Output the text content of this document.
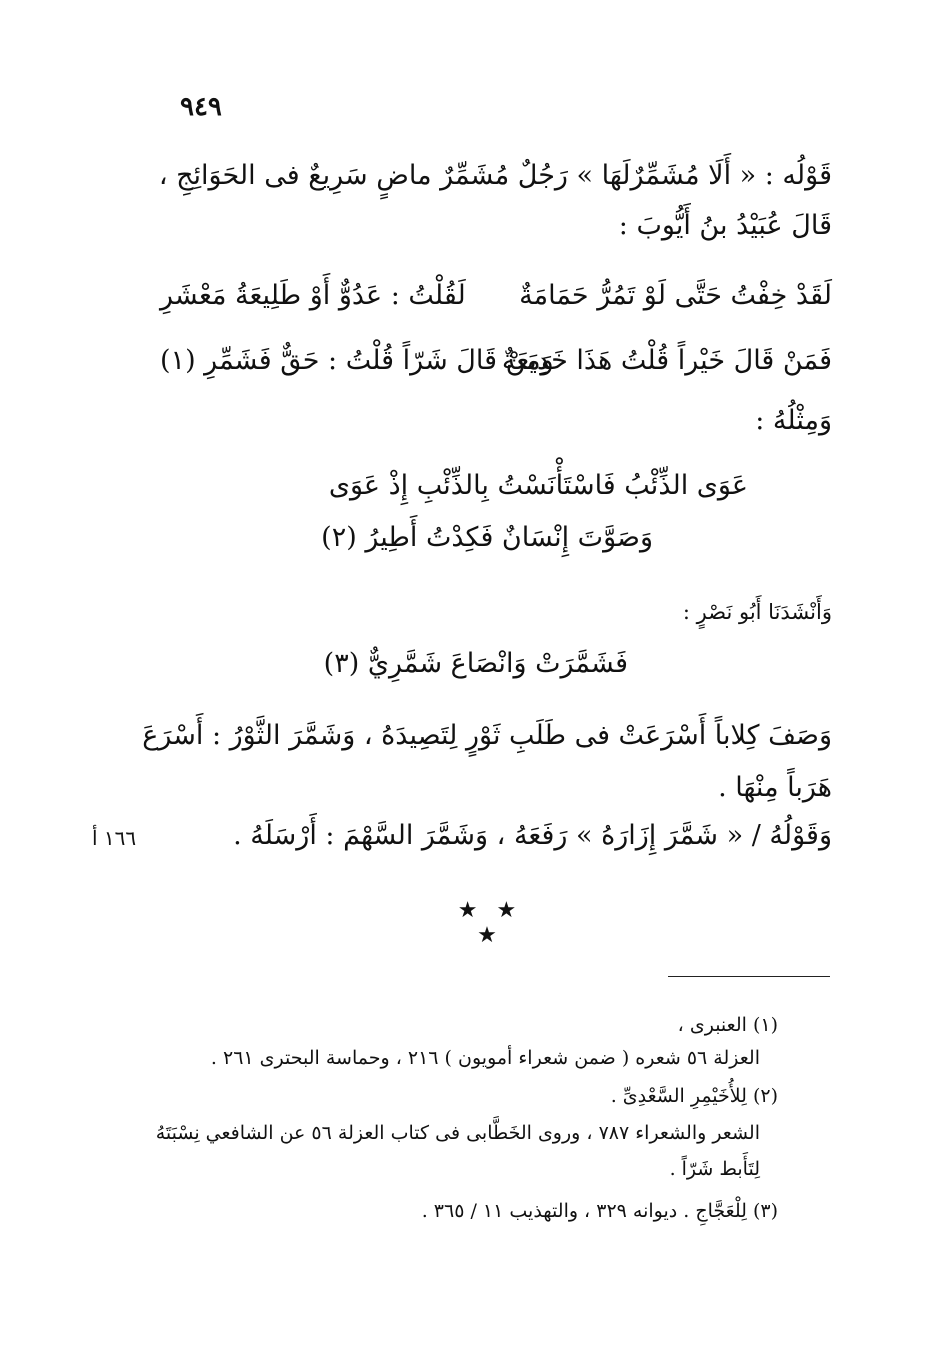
٩٤٩
قَوْلُه : « أَلَا مُشَمِّرٌلَهَا » رَجُلٌ مُشَمِّرٌ ماضٍ سَرِيعٌ فى الحَوَائِجِ ،
قَالَ عُبَيْدُ بنُ أَيُّوبَ :
لَقَدْ خِفْتُ حَتَّى لَوْ تَمُرُّ حَمَامَةٌ
لَقُلْتُ : عَدُوٌّ أَوْ طَلِيعَةُ مَعْشَرِ
فَمَنْ قَالَ خَيْراً قُلْتُ هَذَا خَدِيعَةٌ
وَمَنْ قَالَ شَرّاً قُلْتُ : حَقٌّ فَشَمِّرِ (١)
وَمِثْلُهُ :
عَوَى الذِّئْبُ فَاسْتَأْنَسْتُ بِالذِّئْبِ إِذْ عَوَى
وَصَوَّتَ إِنْسَانٌ فَكِدْتُ أَطِيرُ (٢)
وَأَنْشَدَنَا أَبُو نَصْرٍ :
فَشَمَّرَتْ وَانْصَاعَ شَمَّرِيٌّ (٣)
وَصَفَ كِلاباً أَسْرَعَتْ فى طَلَبِ ثَوْرٍ لِتَصِيدَهُ ، وَشَمَّرَ الثَّوْرُ : أَسْرَعَ
هَرَباً مِنْهَا .
وَقَوْلُهُ / « شَمَّرَ إِزَارَهُ » رَفَعَهُ ، وَشَمَّرَ السَّهْمَ : أَرْسَلَهُ .
١٦٦ أ
★ ★ ★
(١) العنبرى ،
العزلة ٥٦ شعره ( ضمن شعراء أمويون ) ٢١٦ ، وحماسة البحترى ٢٦١ .
(٢) لِلأُخَيْمِرِ السَّعْدِىِّ .
الشعر والشعراء ٧٨٧ ، وروى الخَطَّابى فى كتاب العزلة ٥٦ عن الشافعي نِسْبَتَهُ
لِتَأَبط شَرّاً .
(٣) لِلْعَجَّاجِ . ديوانه ٣٢٩ ، والتهذيب ١١ / ٣٦٥ .
